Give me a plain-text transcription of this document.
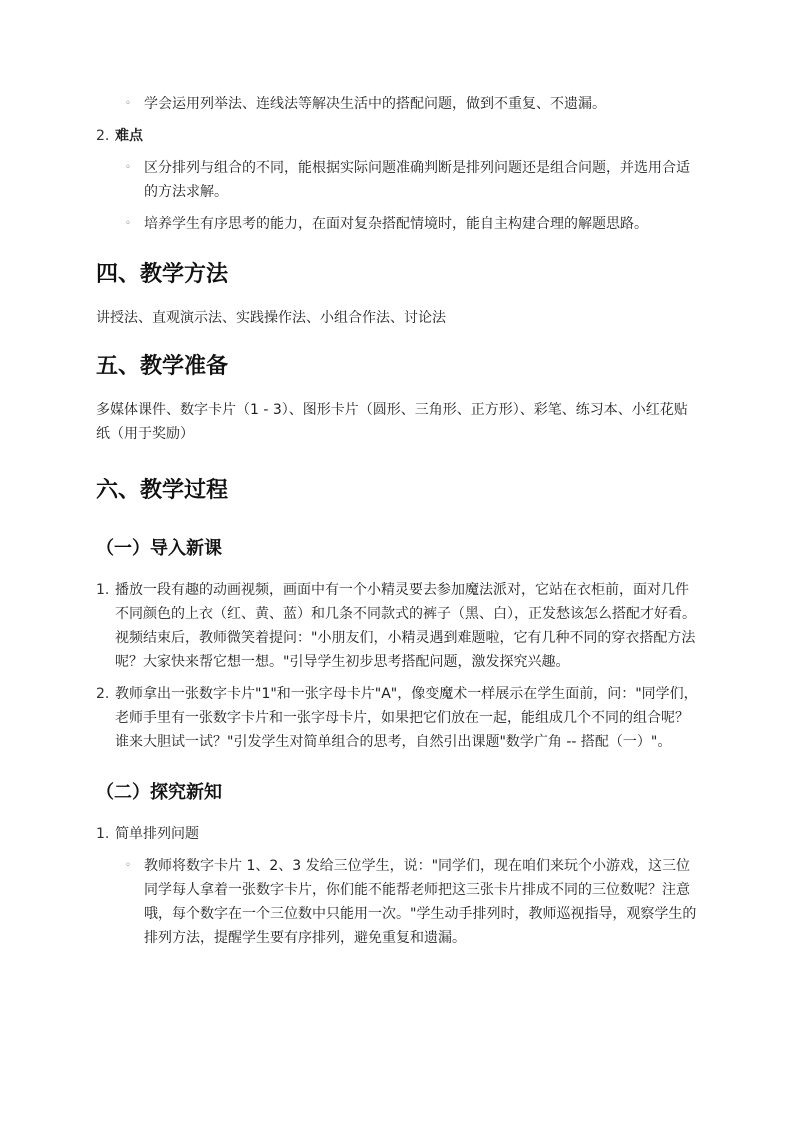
◦ 学会运用列举法、连线法等解决生活中的搭配问题，做到不重复、不遗漏。
2. 难点
◦ 区分排列与组合的不同，能根据实际问题准确判断是排列问题还是组合问题，并选用合适的方法求解。
◦ 培养学生有序思考的能力，在面对复杂搭配情境时，能自主构建合理的解题思路。
四、教学方法

讲授法、直观演示法、实践操作法、小组合作法、讨论法

五、教学准备

多媒体课件、数字卡片（1 - 3）、图形卡片（圆形、三角形、正方形）、彩笔、练习本、小红花贴纸（用于奖励）

六、教学过程
（一）导入新课
1. 播放一段有趣的动画视频，画面中有一个小精灵要去参加魔法派对，它站在衣柜前，面对几件不同颜色的上衣（红、黄、蓝）和几条不同款式的裤子（黑、白），正发愁该怎么搭配才好看。视频结束后，教师微笑着提问："小朋友们，小精灵遇到难题啦，它有几种不同的穿衣搭配方法呢？大家快来帮它想一想。"引导学生初步思考搭配问题，激发探究兴趣。
2. 教师拿出一张数字卡片"1"和一张字母卡片"A"，像变魔术一样展示在学生面前，问："同学们，老师手里有一张数字卡片和一张字母卡片，如果把它们放在一起，能组成几个不同的组合呢？谁来大胆试一试？"引发学生对简单组合的思考，自然引出课题"数学广角 -- 搭配（一）"。
（二）探究新知
1. 简单排列问题
◦ 教师将数字卡片 1、2、3 发给三位学生，说："同学们，现在咱们来玩个小游戏，这三位同学每人拿着一张数字卡片，你们能不能帮老师把这三张卡片排成不同的三位数呢？注意哦，每个数字在一个三位数中只能用一次。"学生动手排列时，教师巡视指导，观察学生的排列方法，提醒学生要有序排列，避免重复和遗漏。
